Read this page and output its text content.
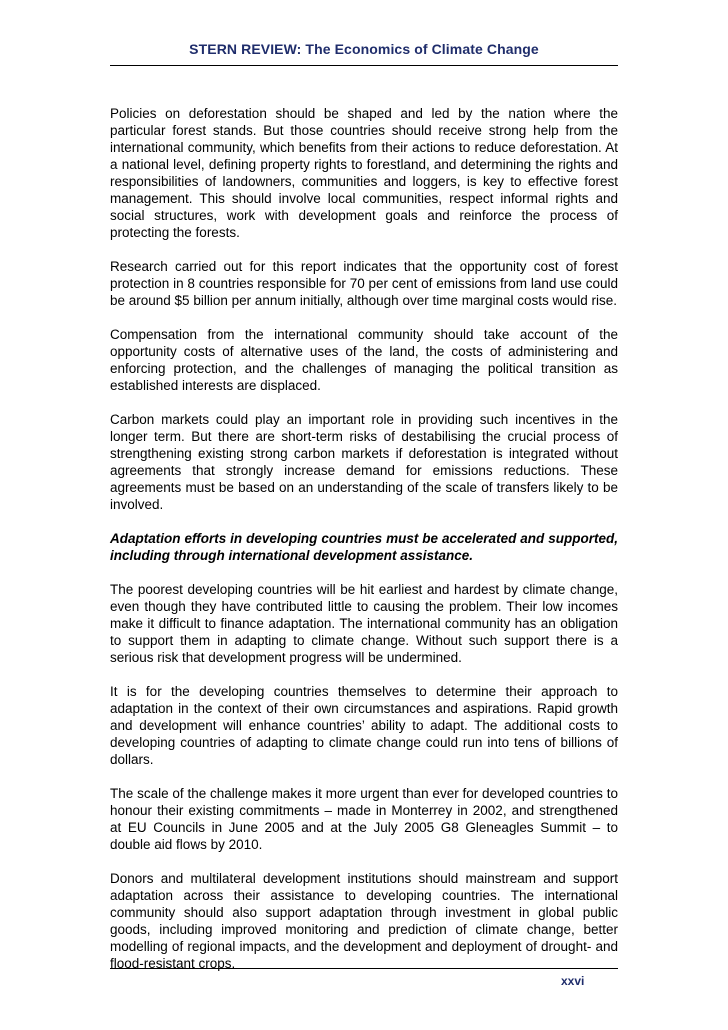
STERN REVIEW: The Economics of Climate Change

Policies on deforestation should be shaped and led by the nation where the particular forest stands. But those countries should receive strong help from the international community, which benefits from their actions to reduce deforestation. At a national level, defining property rights to forestland, and determining the rights and responsibilities of landowners, communities and loggers, is key to effective forest management. This should involve local communities, respect informal rights and social structures, work with development goals and reinforce the process of protecting the forests.

Research carried out for this report indicates that the opportunity cost of forest protection in 8 countries responsible for 70 per cent of emissions from land use could be around $5 billion per annum initially, although over time marginal costs would rise.

Compensation from the international community should take account of the opportunity costs of alternative uses of the land, the costs of administering and enforcing protection, and the challenges of managing the political transition as established interests are displaced.

Carbon markets could play an important role in providing such incentives in the longer term. But there are short-term risks of destabilising the crucial process of strengthening existing strong carbon markets if deforestation is integrated without agreements that strongly increase demand for emissions reductions. These agreements must be based on an understanding of the scale of transfers likely to be involved.

Adaptation efforts in developing countries must be accelerated and supported, including through international development assistance.

The poorest developing countries will be hit earliest and hardest by climate change, even though they have contributed little to causing the problem. Their low incomes make it difficult to finance adaptation. The international community has an obligation to support them in adapting to climate change. Without such support there is a serious risk that development progress will be undermined.

It is for the developing countries themselves to determine their approach to adaptation in the context of their own circumstances and aspirations. Rapid growth and development will enhance countries’ ability to adapt. The additional costs to developing countries of adapting to climate change could run into tens of billions of dollars.

The scale of the challenge makes it more urgent than ever for developed countries to honour their existing commitments – made in Monterrey in 2002, and strengthened at EU Councils in June 2005 and at the July 2005 G8 Gleneagles Summit – to double aid flows by 2010.

Donors and multilateral development institutions should mainstream and support adaptation across their assistance to developing countries. The international community should also support adaptation through investment in global public goods, including improved monitoring and prediction of climate change, better modelling of regional impacts, and the development and deployment of drought- and flood-resistant crops.

xxvi
